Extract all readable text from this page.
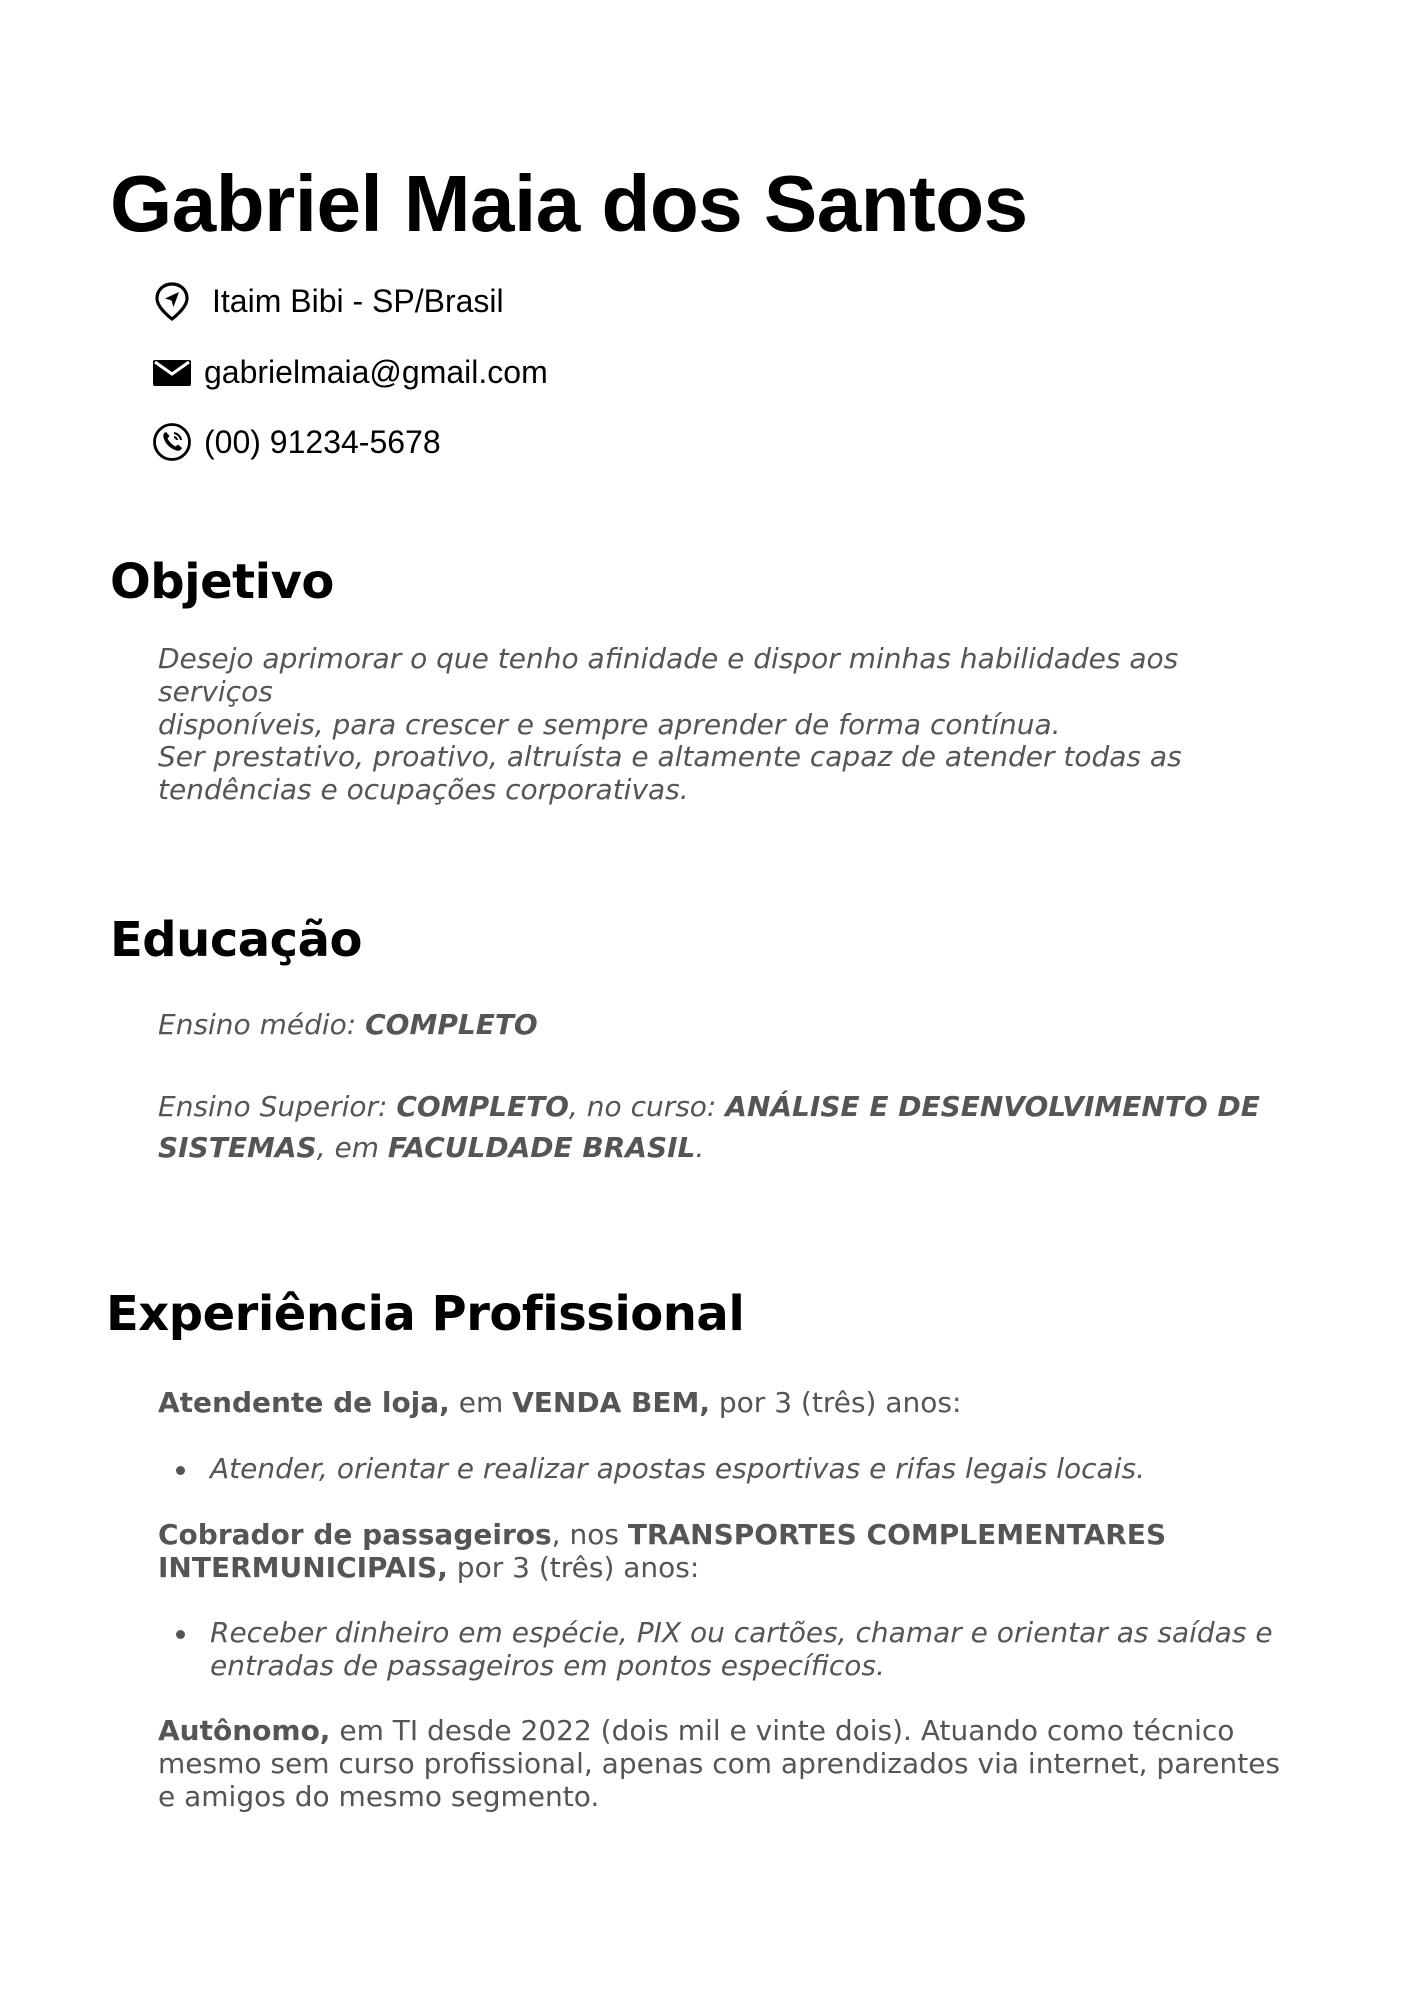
Gabriel Maia dos Santos
Itaim Bibi - SP/Brasil
gabrielmaia@gmail.com
(00) 91234-5678
Objetivo

Desejo aprimorar o que tenho afinidade e dispor minhas habilidades aos serviços
disponíveis, para crescer e sempre aprender de forma contínua.

Ser prestativo, proativo, altruísta e altamente capaz de atender todas as
tendências e ocupações corporativas.

Educação

Ensino médio: COMPLETO

Ensino Superior: COMPLETO, no curso: ANÁLISE E DESENVOLVIMENTO DE
SISTEMAS, em FACULDADE BRASIL.

Experiência Profissional

Atendente de loja, em VENDA BEM, por 3 (três) anos:

Atender, orientar e realizar apostas esportivas e rifas legais locais.

Cobrador de passageiros, nos TRANSPORTES COMPLEMENTARES
INTERMUNICIPAIS, por 3 (três) anos:

Receber dinheiro em espécie, PIX ou cartões, chamar e orientar as saídas e
entradas de passageiros em pontos específicos.

Autônomo, em TI desde 2022 (dois mil e vinte dois). Atuando como técnico
mesmo sem curso profissional, apenas com aprendizados via internet, parentes
e amigos do mesmo segmento.
